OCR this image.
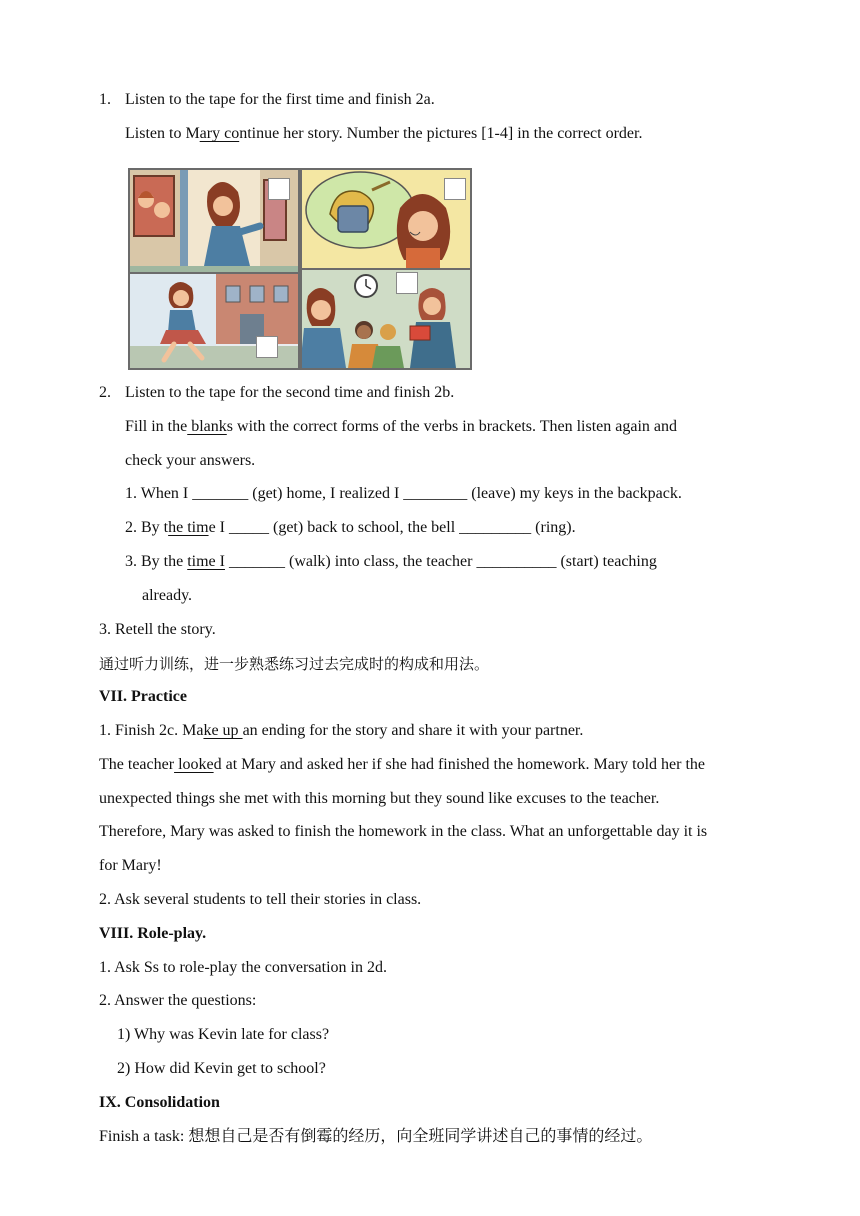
1. Listen to the tape for the first time and finish 2a.
Listen to Mary continue her story. Number the pictures [1-4] in the correct order.
2. Listen to the tape for the second time and finish 2b.
Fill in the blanks with the correct forms of the verbs in brackets. Then listen again and
check your answers.
1. When I _______ (get) home, I realized I ________ (leave) my keys in the backpack.
2. By the time I _____ (get) back to school, the bell _________ (ring).
3. By the time I _______ (walk) into class, the teacher __________ (start) teaching
already.
3. Retell the story.
通过听力训练，进一步熟悉练习过去完成时的构成和用法。
VII. Practice
1. Finish 2c. Make up an ending for the story and share it with your partner.
The teacher looked at Mary and asked her if she had finished the homework. Mary told her the
unexpected things she met with this morning but they sound like excuses to the teacher.
Therefore, Mary was asked to finish the homework in the class. What an unforgettable day it is
for Mary!
2. Ask several students to tell their stories in class.
VIII. Role-play.
1. Ask Ss to role-play the conversation in 2d.
2. Answer the questions:
1) Why was Kevin late for class?
2) How did Kevin get to school?
IX. Consolidation
Finish a task: 想想自己是否有倒霉的经历，向全班同学讲述自己的事情的经过。
